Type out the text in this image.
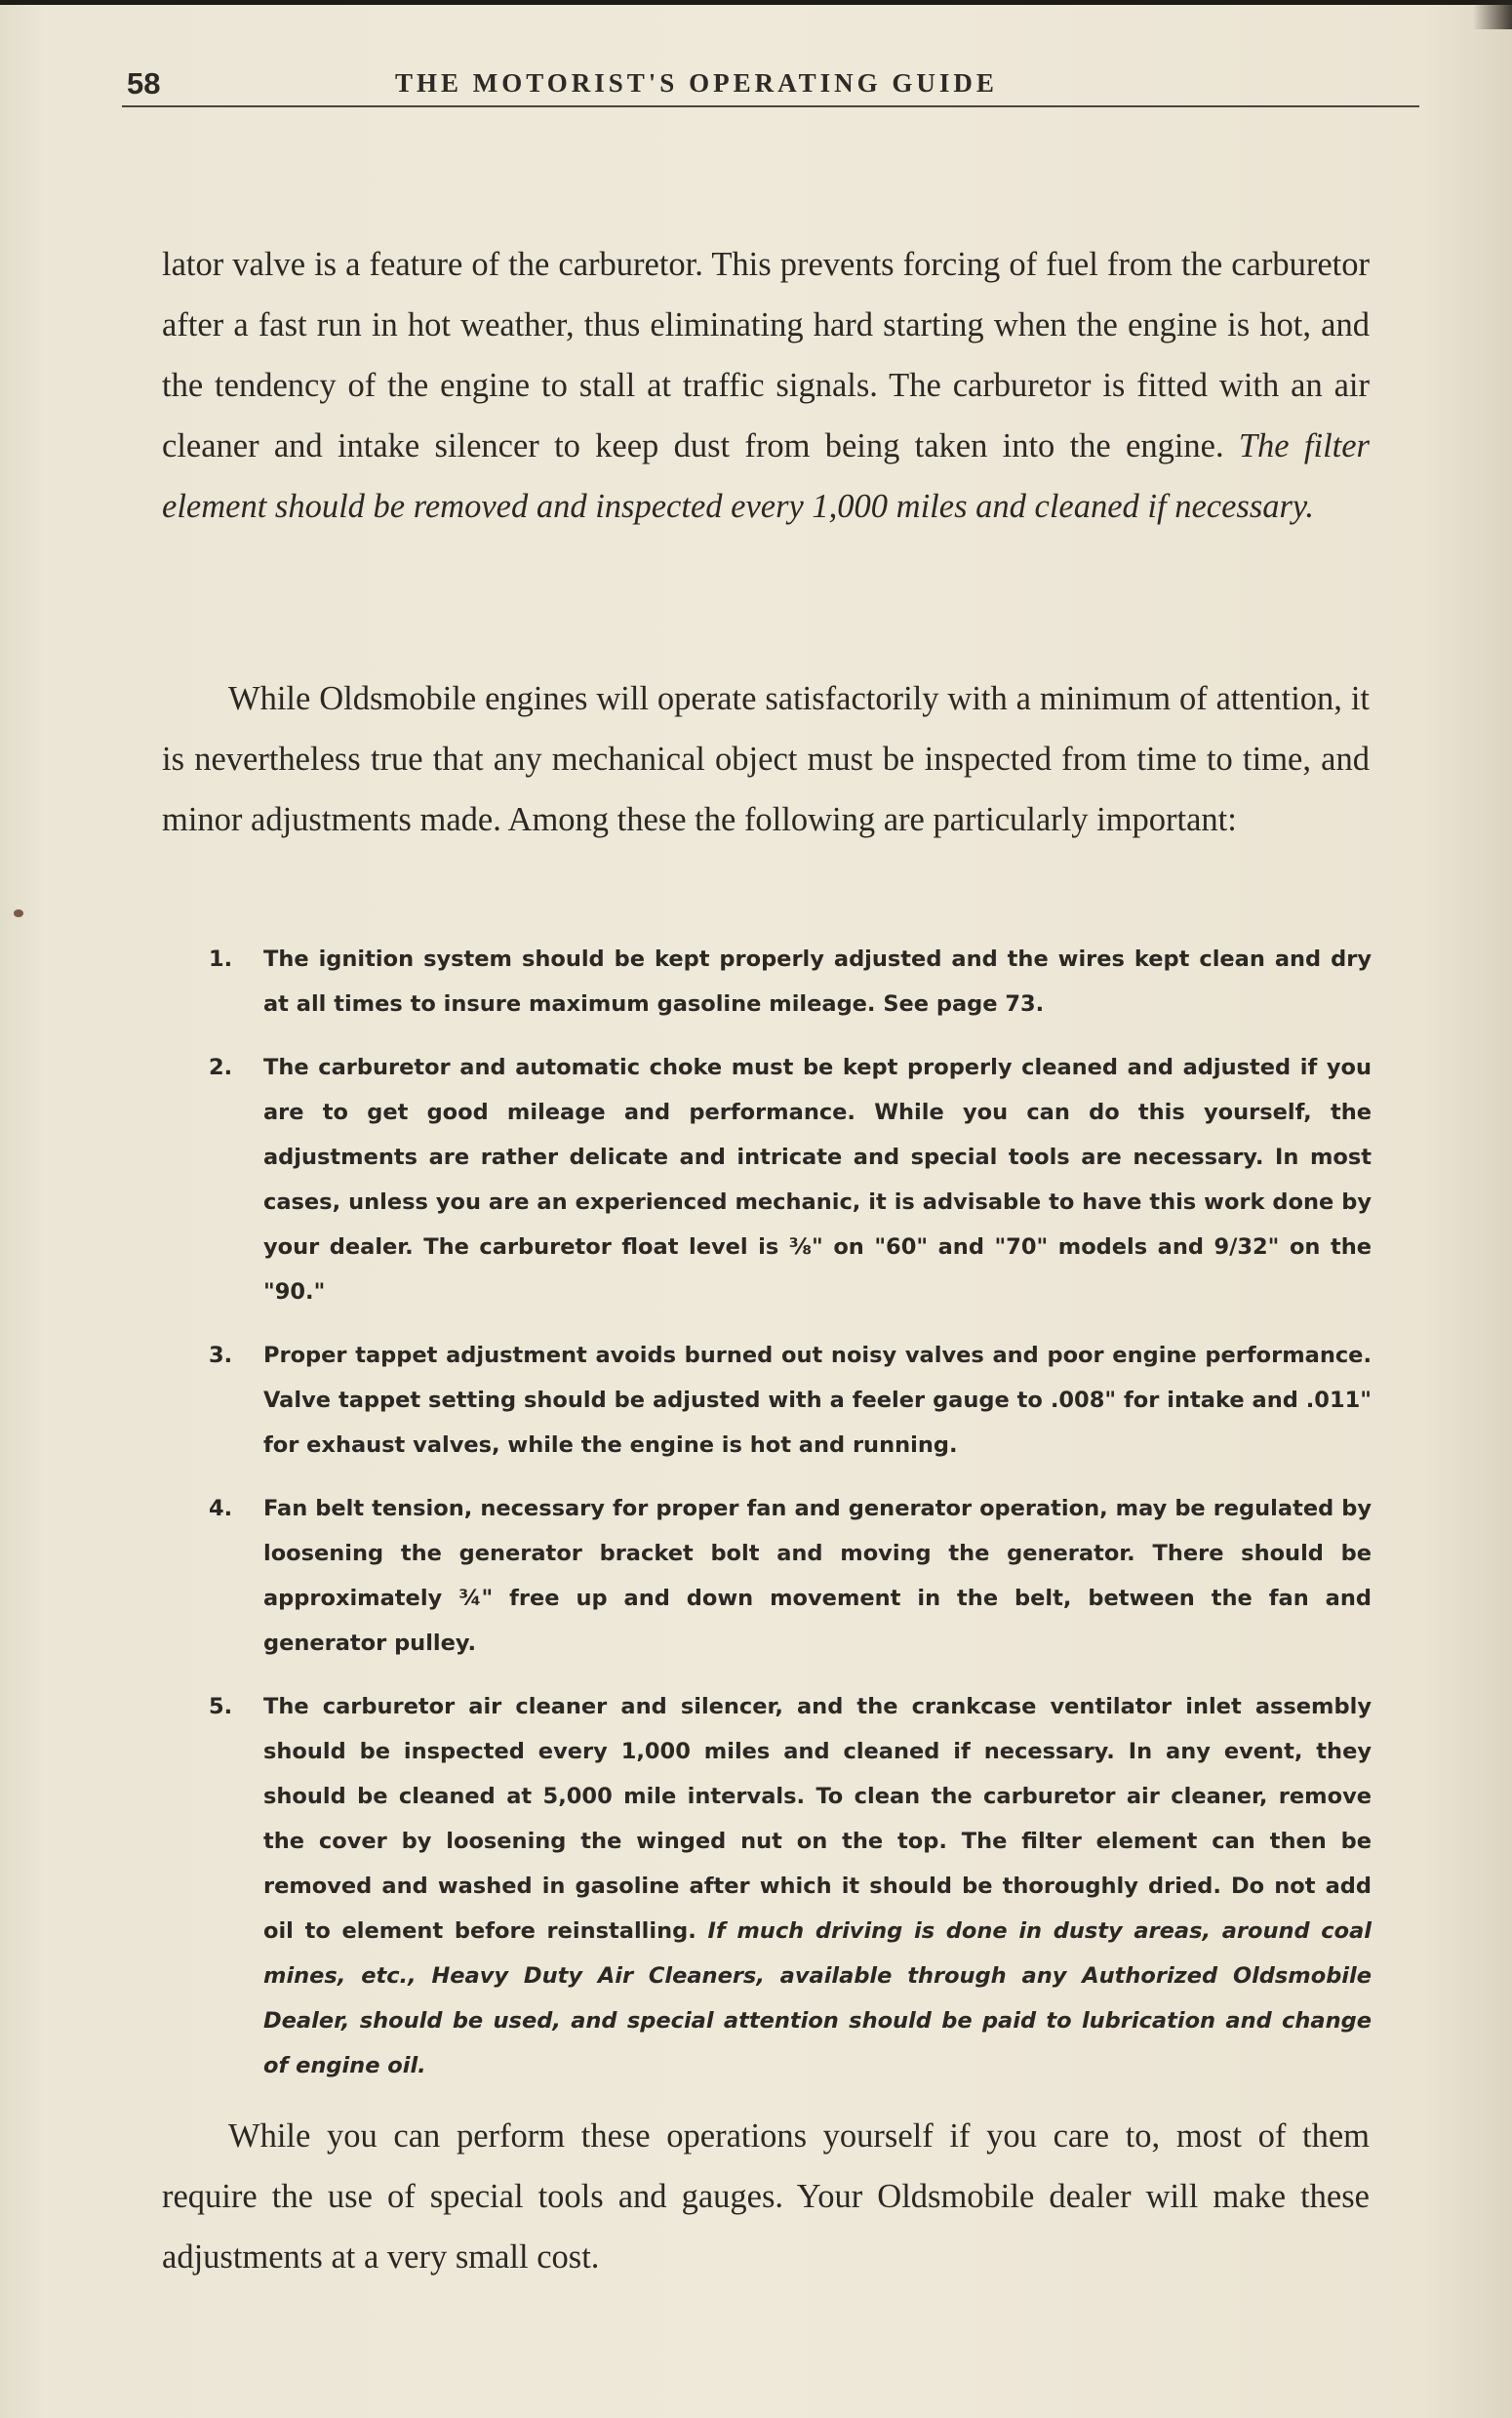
58	THE MOTORIST'S OPERATING GUIDE

lator valve is a feature of the carburetor. This prevents forcing of fuel from the carburetor after a fast run in hot weather, thus eliminating hard starting when the engine is hot, and the tendency of the engine to stall at traffic signals. The carburetor is fitted with an air cleaner and intake silencer to keep dust from being taken into the engine. The filter element should be removed and inspected every 1,000 miles and cleaned if necessary.

While Oldsmobile engines will operate satisfactorily with a minimum of attention, it is nevertheless true that any mechanical object must be inspected from time to time, and minor adjustments made. Among these the following are particularly important:

1. The ignition system should be kept properly adjusted and the wires kept clean and dry at all times to insure maximum gasoline mileage. See page 73.
2. The carburetor and automatic choke must be kept properly cleaned and adjusted if you are to get good mileage and performance. While you can do this yourself, the adjustments are rather delicate and intricate and special tools are necessary. In most cases, unless you are an experienced mechanic, it is advisable to have this work done by your dealer. The carburetor float level is ⅜" on "60" and "70" models and 9/32" on the "90."
3. Proper tappet adjustment avoids burned out noisy valves and poor engine performance. Valve tappet setting should be adjusted with a feeler gauge to .008" for intake and .011" for exhaust valves, while the engine is hot and running.
4. Fan belt tension, necessary for proper fan and generator operation, may be regulated by loosening the generator bracket bolt and moving the generator. There should be approximately ¾" free up and down movement in the belt, between the fan and generator pulley.
5. The carburetor air cleaner and silencer, and the crankcase ventilator inlet assembly should be inspected every 1,000 miles and cleaned if necessary. In any event, they should be cleaned at 5,000 mile intervals. To clean the carburetor air cleaner, remove the cover by loosening the winged nut on the top. The filter element can then be removed and washed in gasoline after which it should be thoroughly dried. Do not add oil to element before reinstalling. If much driving is done in dusty areas, around coal mines, etc., Heavy Duty Air Cleaners, available through any Authorized Oldsmobile Dealer, should be used, and special attention should be paid to lubrication and change of engine oil.

While you can perform these operations yourself if you care to, most of them require the use of special tools and gauges. Your Oldsmobile dealer will make these adjustments at a very small cost.
